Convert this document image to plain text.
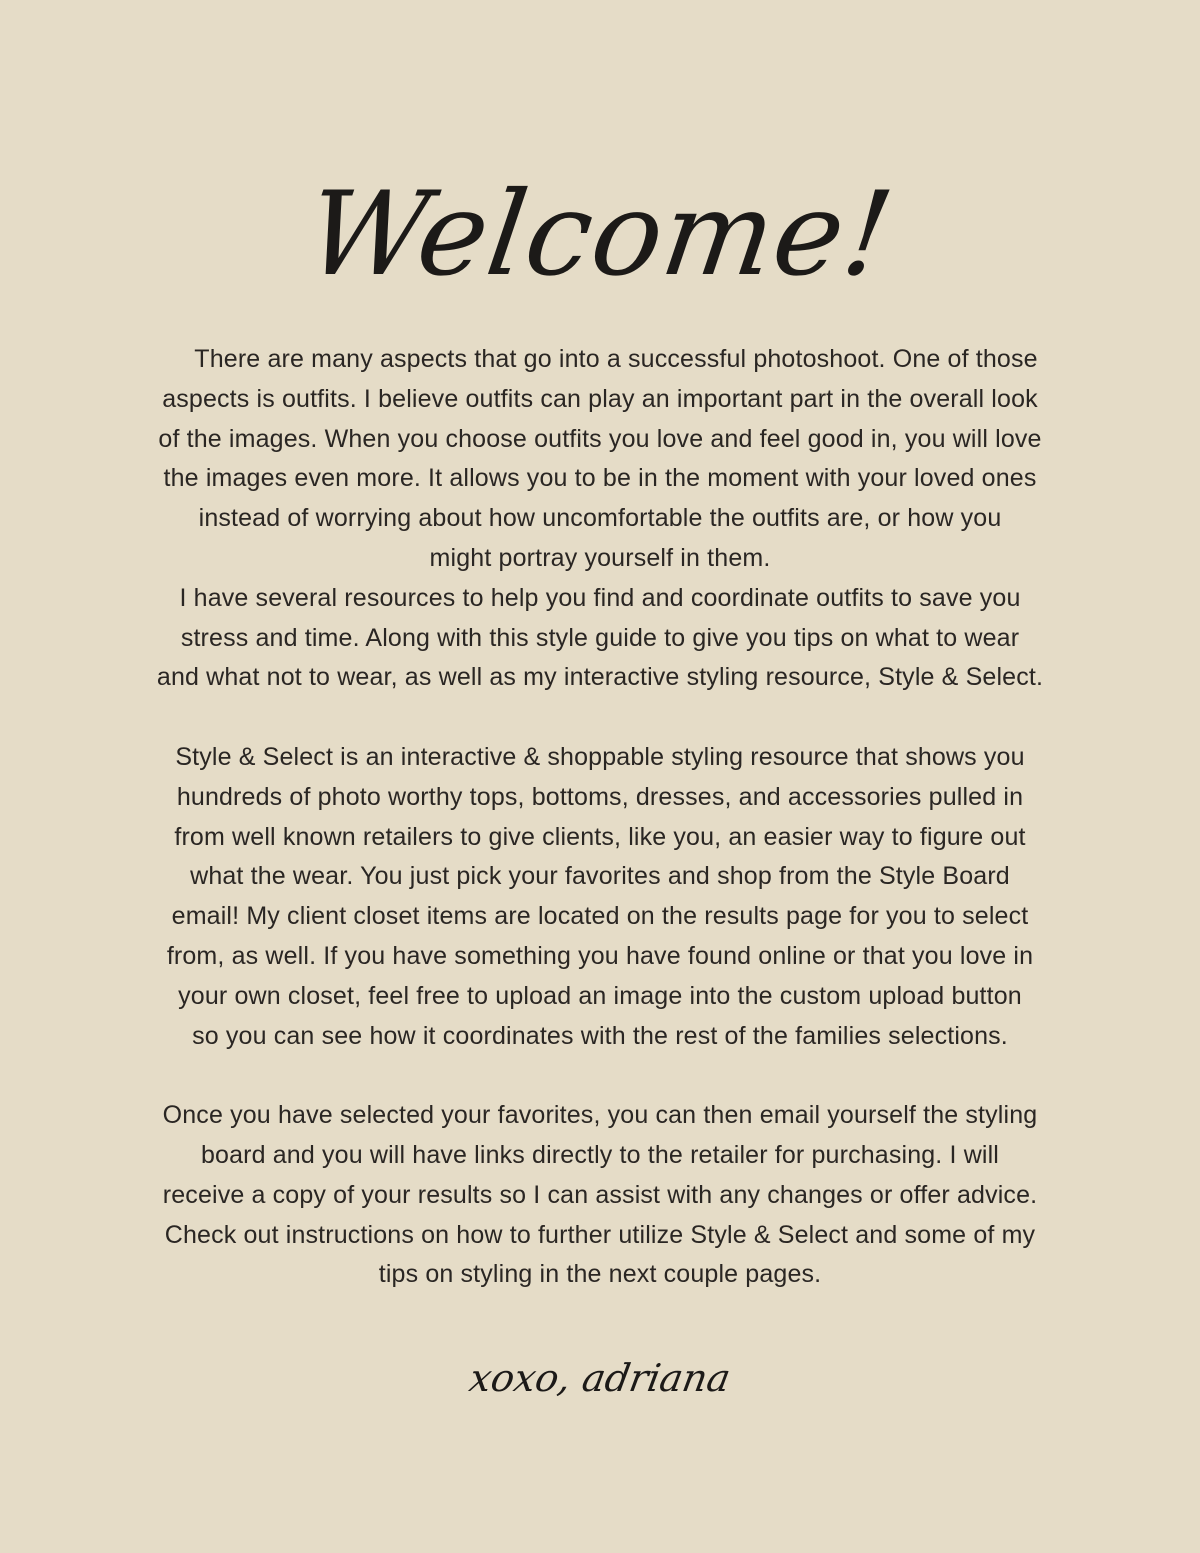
Welcome!
There are many aspects that go into a successful photoshoot. One of those
aspects is outfits. I believe outfits can play an important part in the overall look
of the images. When you choose outfits you love and feel good in, you will love
the images even more. It allows you to be in the moment with your loved ones
instead of worrying about how uncomfortable the outfits are, or how you
might portray yourself in them.
I have several resources to help you find and coordinate outfits to save you
stress and time. Along with this style guide to give you tips on what to wear
and what not to wear, as well as my interactive styling resource, Style & Select.
Style & Select is an interactive & shoppable styling resource that shows you
hundreds of photo worthy tops, bottoms, dresses, and accessories pulled in
from well known retailers to give clients, like you, an easier way to figure out
what the wear. You just pick your favorites and shop from the Style Board
email! My client closet items are located on the results page for you to select
from, as well. If you have something you have found online or that you love in
your own closet, feel free to upload an image into the custom upload button
so you can see how it coordinates with the rest of the families selections.
Once you have selected your favorites, you can then email yourself the styling
board and you will have links directly to the retailer for purchasing. I will
receive a copy of your results so I can assist with any changes or offer advice.
Check out instructions on how to further utilize Style & Select and some of my
tips on styling in the next couple pages.
xoxo, adriana
